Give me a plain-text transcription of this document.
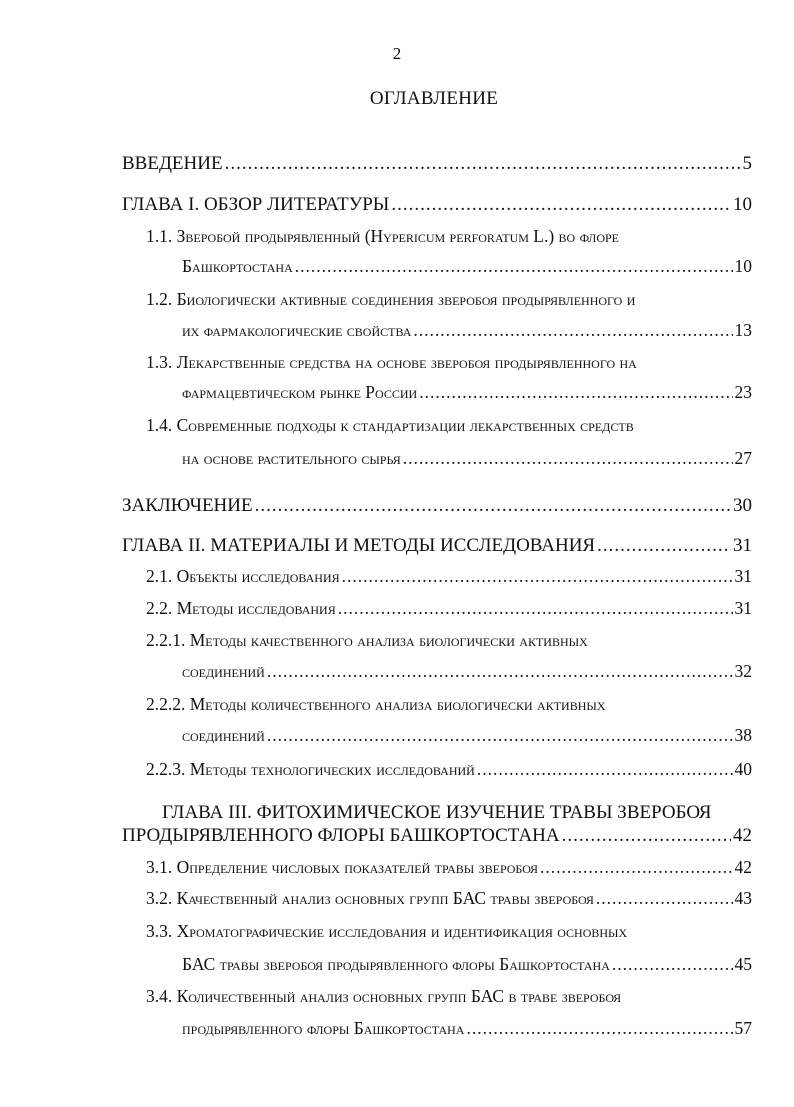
2
ОГЛАВЛЕНИЕ
ВВЕДЕНИЕ .....	5
ГЛАВА I. ОБЗОР ЛИТЕРАТУРЫ .....	10
1.1. Зверобой продырявленный (Hypericum perforatum L.) во флоре
Башкортостана .....	10
1.2. Биологически активные соединения зверобоя продырявленного и
их фармакологические свойства .....	13
1.3. Лекарственные средства на основе зверобоя продырявленного на
фармацевтическом рынке России .....	23
1.4. Современные подходы к стандартизации лекарственных средств
на основе растительного сырья .....	27
ЗАКЛЮЧЕНИЕ .....	30
ГЛАВА II. МАТЕРИАЛЫ И МЕТОДЫ ИССЛЕДОВАНИЯ .....	31
2.1. Объекты исследования .....	31
2.2. Методы исследования .....	31
2.2.1. Методы качественного анализа биологически активных
соединений .....	32
2.2.2. Методы количественного анализа биологически активных
соединений .....	38
2.2.3. Методы технологических исследований .....	40
ГЛАВА III. ФИТОХИМИЧЕСКОЕ ИЗУЧЕНИЕ ТРАВЫ ЗВЕРОБОЯ
ПРОДЫРЯВЛЕННОГО ФЛОРЫ БАШКОРТОСТАНА .....	42
3.1. Определение числовых показателей травы зверобоя .....	42
3.2. Качественный анализ основных групп БАС травы зверобоя .....	43
3.3. Хроматографические исследования и идентификация основных
БАС травы зверобоя продырявленного флоры Башкортостана .....	45
3.4. Количественный анализ основных групп БАС в траве зверобоя
продырявленного флоры Башкортостана .....	57
